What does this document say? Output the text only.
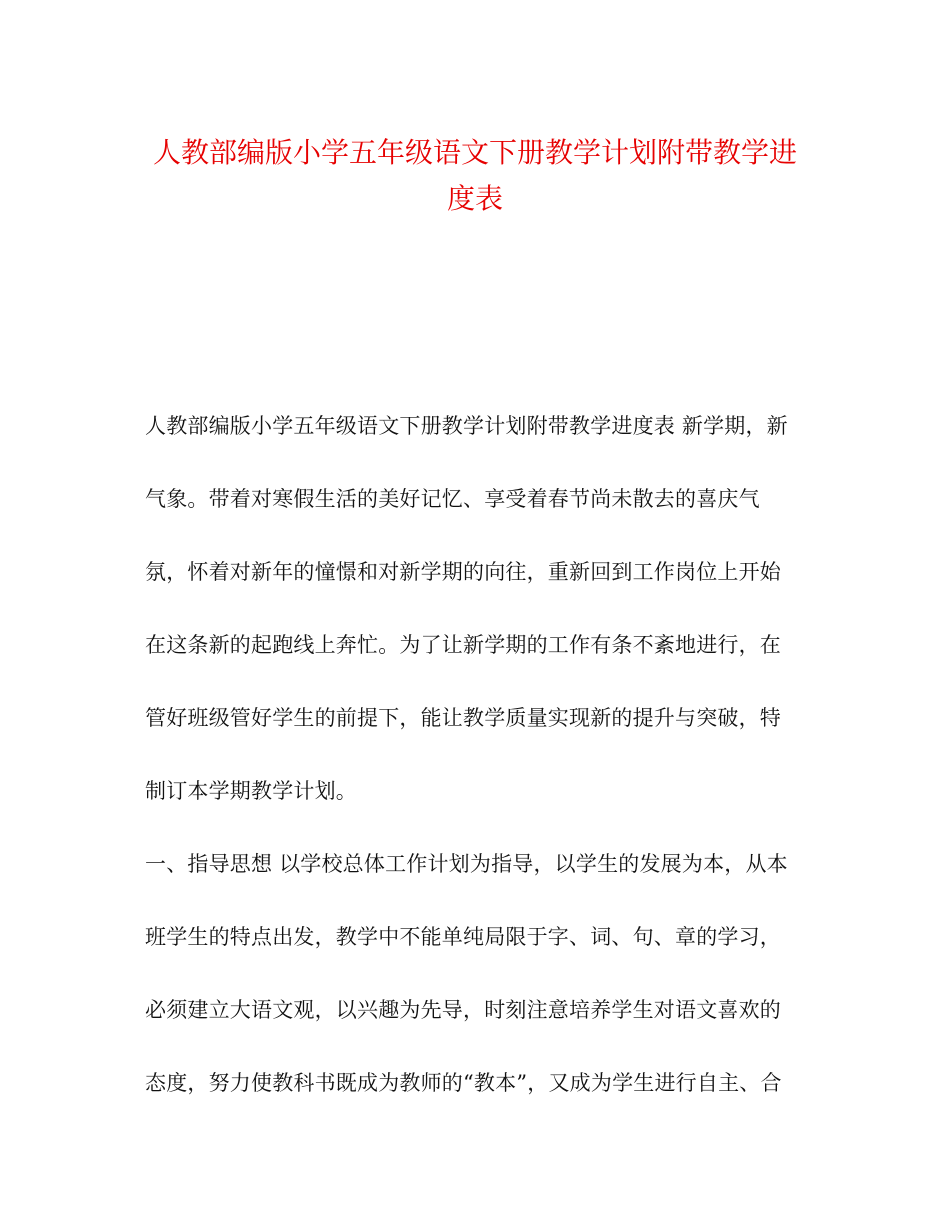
人教部编版小学五年级语文下册教学计划附带教学进度表
人教部编版小学五年级语文下册教学计划附带教学进度表 新学期，新
气象。带着对寒假生活的美好记忆、享受着春节尚未散去的喜庆气
氛，怀着对新年的憧憬和对新学期的向往，重新回到工作岗位上开始
在这条新的起跑线上奔忙。为了让新学期的工作有条不紊地进行，在
管好班级管好学生的前提下，能让教学质量实现新的提升与突破，特
制订本学期教学计划。
一、指导思想 以学校总体工作计划为指导，以学生的发展为本，从本
班学生的特点出发，教学中不能单纯局限于字、词、句、章的学习，
必须建立大语文观，以兴趣为先导，时刻注意培养学生对语文喜欢的
态度，努力使教科书既成为教师的“教本”，又成为学生进行自主、合
